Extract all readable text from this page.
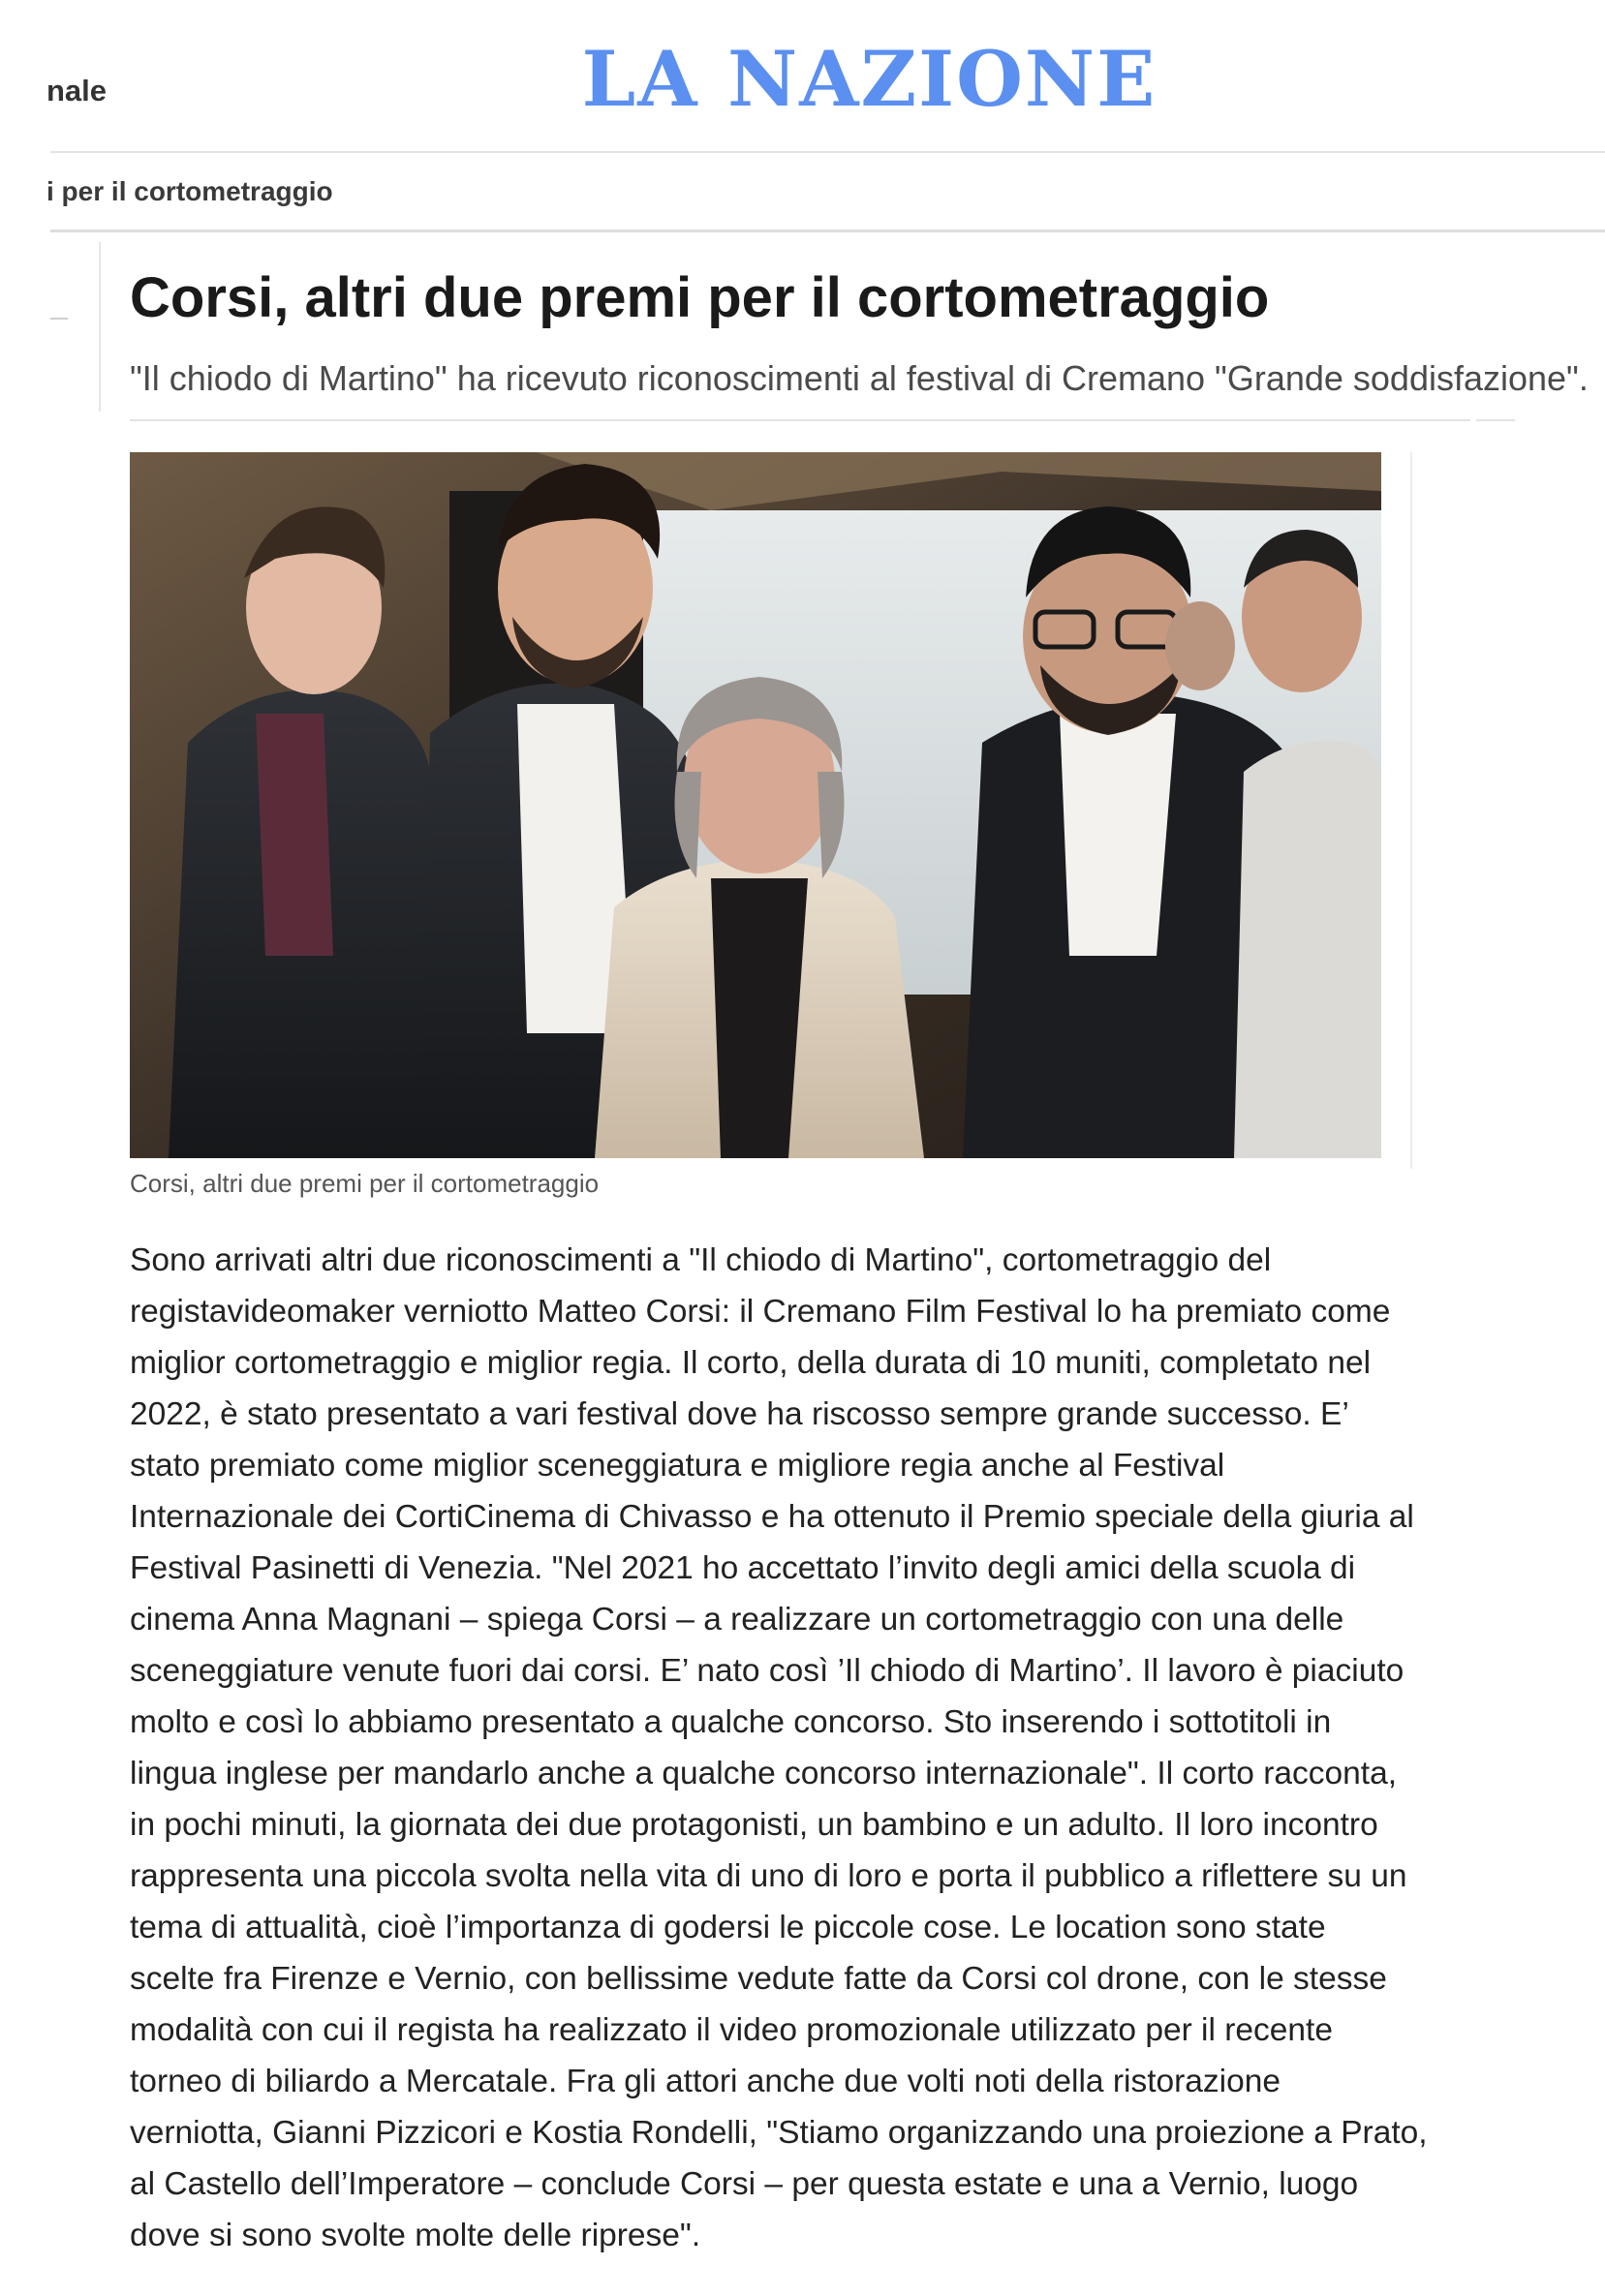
nale	LA NAZIONE
i per il cortometraggio
Corsi, altri due premi per il cortometraggio
"Il chiodo di Martino" ha ricevuto riconoscimenti al festival di Cremano "Grande soddisfazione".
Corsi, altri due premi per il cortometraggio

Sono arrivati altri due riconoscimenti a "Il chiodo di Martino", cortometraggio del
registavideomaker verniotto Matteo Corsi: il Cremano Film Festival lo ha premiato come
miglior cortometraggio e miglior regia. Il corto, della durata di 10 muniti, completato nel
2022, è stato presentato a vari festival dove ha riscosso sempre grande successo. E’
stato premiato come miglior sceneggiatura e migliore regia anche al Festival
Internazionale dei CortiCinema di Chivasso e ha ottenuto il Premio speciale della giuria al
Festival Pasinetti di Venezia. "Nel 2021 ho accettato l’invito degli amici della scuola di
cinema Anna Magnani – spiega Corsi – a realizzare un cortometraggio con una delle
sceneggiature venute fuori dai corsi. E’ nato così ’Il chiodo di Martino’. Il lavoro è piaciuto
molto e così lo abbiamo presentato a qualche concorso. Sto inserendo i sottotitoli in
lingua inglese per mandarlo anche a qualche concorso internazionale". Il corto racconta,
in pochi minuti, la giornata dei due protagonisti, un bambino e un adulto. Il loro incontro
rappresenta una piccola svolta nella vita di uno di loro e porta il pubblico a riflettere su un
tema di attualità, cioè l’importanza di godersi le piccole cose. Le location sono state
scelte fra Firenze e Vernio, con bellissime vedute fatte da Corsi col drone, con le stesse
modalità con cui il regista ha realizzato il video promozionale utilizzato per il recente
torneo di biliardo a Mercatale. Fra gli attori anche due volti noti della ristorazione
verniotta, Gianni Pizzicori e Kostia Rondelli, "Stiamo organizzando una proiezione a Prato,
al Castello dell’Imperatore – conclude Corsi – per questa estate e una a Vernio, luogo
dove si sono svolte molte delle riprese".
